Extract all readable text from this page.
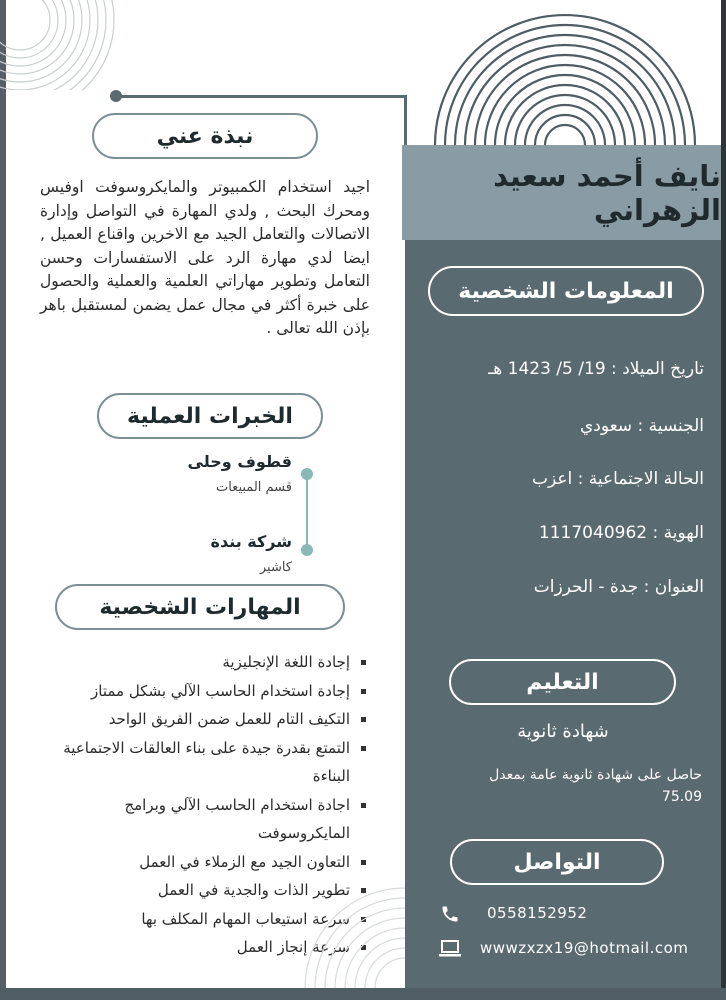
نايف أحمد سعيد الزهراني
نبذة عني
اجيد استخدام الكمبيوتر والمايكروسوفت اوفيس ومحرك البحث , ولدي المهارة في التواصل وإدارة الاتصالات والتعامل الجيد مع الاخرين واقناع العميل , ايضا لدي مهارة الرد على الاستفسارات وحسن التعامل وتطوير مهاراتي العلمية والعملية والحصول على خبرة أكثر في مجال عمل يضمن لمستقبل باهر بإذن الله تعالى .
الخبرات العملية
قطوف وحلى
قسم المبيعات
شركة بندة
كاشير
المهارات الشخصية
إجادة اللغة الإنجليزية
إجادة استخدام الحاسب الآلي بشكل ممتاز
التكيف التام للعمل ضمن الفريق الواحد
التمتع بقدرة جيدة على بناء العالقات الاجتماعية البناءة
اجادة استخدام الحاسب الآلي وبرامج المايكروسوفت
التعاون الجيد مع الزملاء في العمل
تطوير الذات والجدية في العمل
سرعة استيعاب المهام المكلف بها
سرعة إنجاز العمل
المعلومات الشخصية
تاريخ الميلاد : 19/ 5/ 1423 هـ
الجنسية : سعودي
الحالة الاجتماعية : اعزب
الهوية : 1117040962
العنوان : جدة - الحرزات
التعليم
شهادة ثانوية
حاصل على شهادة ثانوية عامة بمعدل 75.09
التواصل
0558152952
wwwzxzx19@hotmail.com
